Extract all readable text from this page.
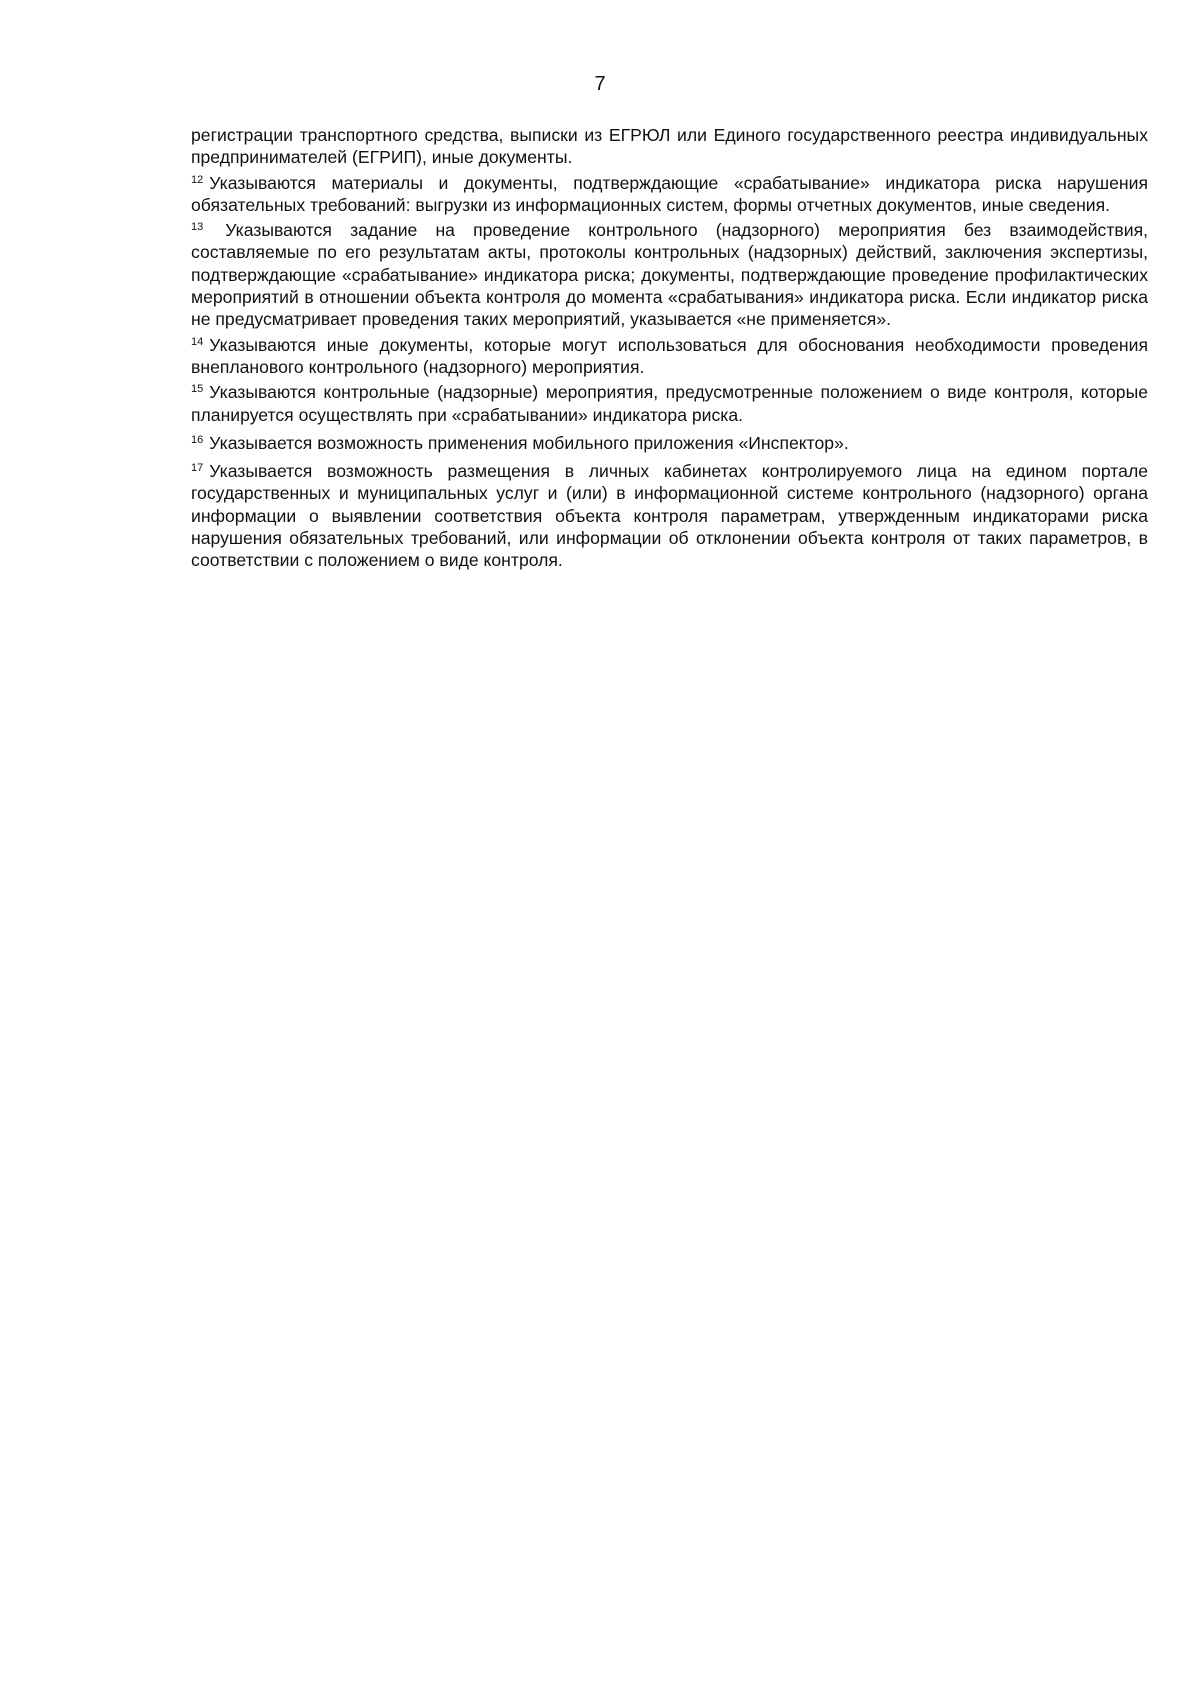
7

регистрации транспортного средства, выписки из ЕГРЮЛ или Единого государственного реестра индивидуальных предпринимателей (ЕГРИП), иные документы.

$^{12}$ Указываются материалы и документы, подтверждающие «срабатывание» индикатора риска нарушения обязательных требований: выгрузки из информационных систем, формы отчетных документов, иные сведения.

$^{13}$ Указываются задание на проведение контрольного (надзорного) мероприятия без взаимодействия, составляемые по его результатам акты, протоколы контрольных (надзорных) действий, заключения экспертизы, подтверждающие «срабатывание» индикатора риска; документы, подтверждающие проведение профилактических мероприятий в отношении объекта контроля до момента «срабатывания» индикатора риска. Если индикатор риска не предусматривает проведения таких мероприятий, указывается «не применяется».

$^{14}$ Указываются иные документы, которые могут использоваться для обоснования необходимости проведения внепланового контрольного (надзорного) мероприятия.

$^{15}$ Указываются контрольные (надзорные) мероприятия, предусмотренные положением о виде контроля, которые планируется осуществлять при «срабатывании» индикатора риска.

$^{16}$ Указывается возможность применения мобильного приложения «Инспектор».

$^{17}$ Указывается возможность размещения в личных кабинетах контролируемого лица на едином портале государственных и муниципальных услуг и (или) в информационной системе контрольного (надзорного) органа информации о выявлении соответствия объекта контроля параметрам, утвержденным индикаторами риска нарушения обязательных требований, или информации об отклонении объекта контроля от таких параметров, в соответствии с положением о виде контроля.
